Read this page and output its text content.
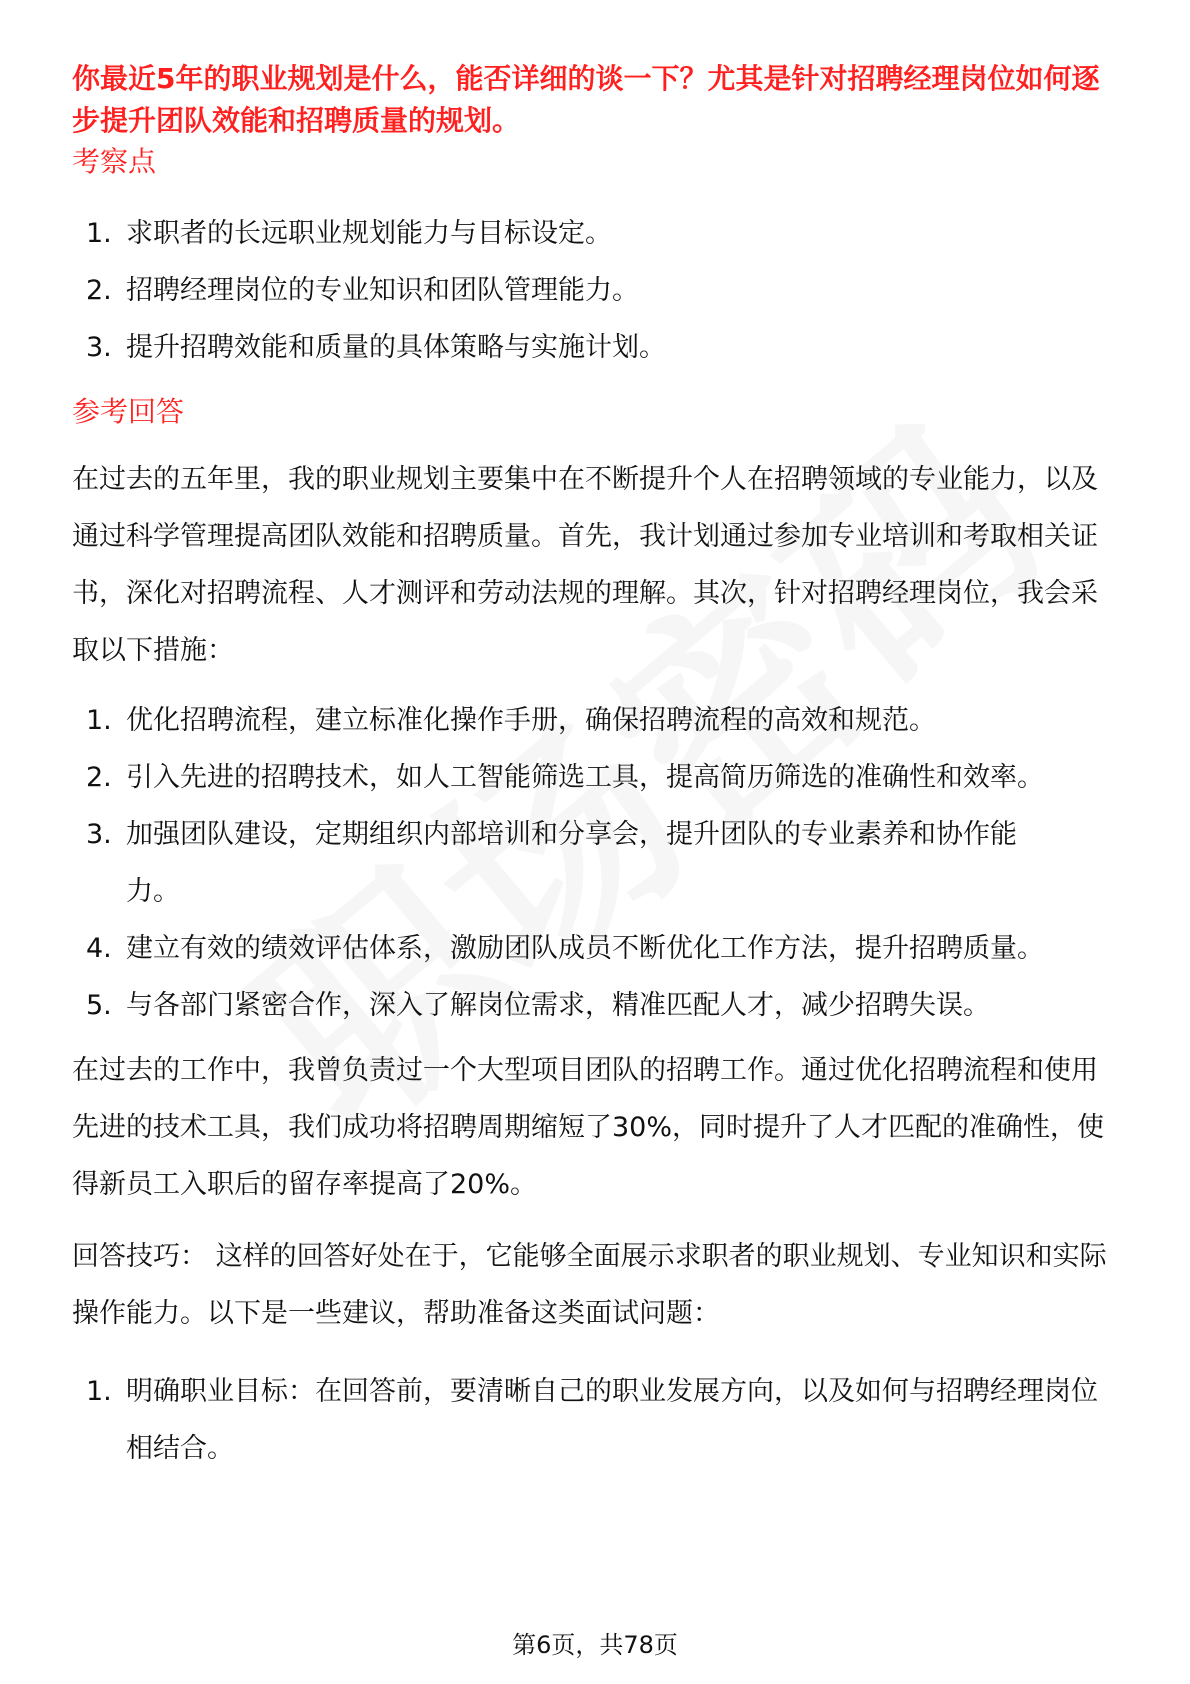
你最近5年的职业规划是什么，能否详细的谈一下？尤其是针对招聘经理岗位如何逐步提升团队效能和招聘质量的规划。

考察点
1. 求职者的长远职业规划能力与目标设定。
2. 招聘经理岗位的专业知识和团队管理能力。
3. 提升招聘效能和质量的具体策略与实施计划。
参考回答

在过去的五年里，我的职业规划主要集中在不断提升个人在招聘领域的专业能力，以及通过科学管理提高团队效能和招聘质量。首先，我计划通过参加专业培训和考取相关证书，深化对招聘流程、人才测评和劳动法规的理解。其次，针对招聘经理岗位，我会采取以下措施：

1. 优化招聘流程，建立标准化操作手册，确保招聘流程的高效和规范。
2. 引入先进的招聘技术，如人工智能筛选工具，提高简历筛选的准确性和效率。
3. 加强团队建设，定期组织内部培训和分享会，提升团队的专业素养和协作能力。
4. 建立有效的绩效评估体系，激励团队成员不断优化工作方法，提升招聘质量。
5. 与各部门紧密合作，深入了解岗位需求，精准匹配人才，减少招聘失误。

在过去的工作中，我曾负责过一个大型项目团队的招聘工作。通过优化招聘流程和使用先进的技术工具，我们成功将招聘周期缩短了30%，同时提升了人才匹配的准确性，使得新员工入职后的留存率提高了20%。

回答技巧： 这样的回答好处在于，它能够全面展示求职者的职业规划、专业知识和实际操作能力。以下是一些建议，帮助准备这类面试问题：

1. 明确职业目标：在回答前，要清晰自己的职业发展方向，以及如何与招聘经理岗位相结合。
第6页，共78页
